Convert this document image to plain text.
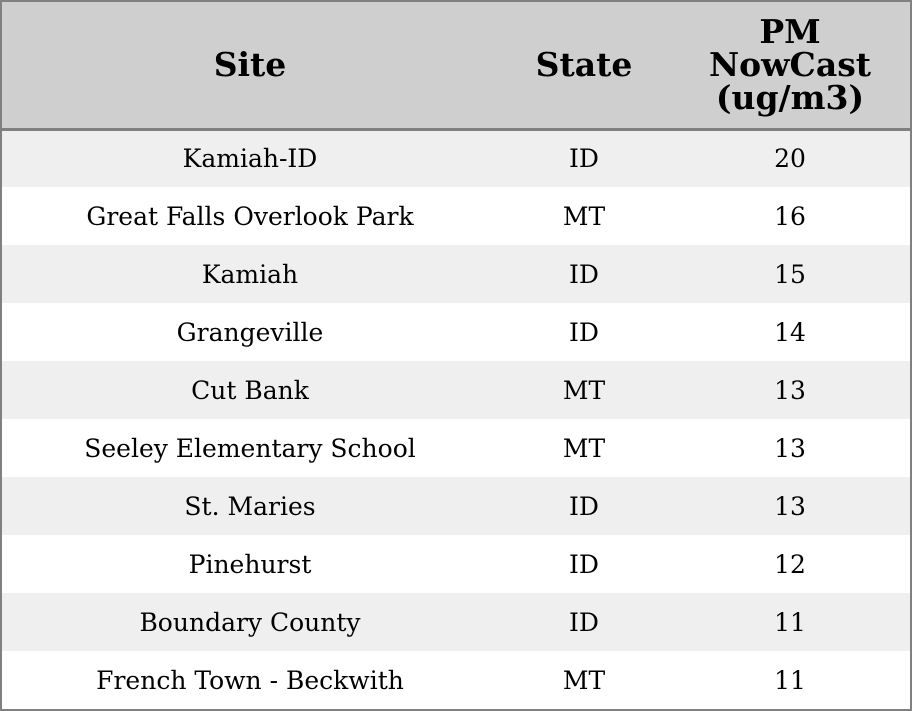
Site	State	PM
NowCast
(ug/m3)
Kamiah-ID	ID	20
Great Falls Overlook Park	MT	16
Kamiah	ID	15
Grangeville	ID	14
Cut Bank	MT	13
Seeley Elementary School	MT	13
St. Maries	ID	13
Pinehurst	ID	12
Boundary County	ID	11
French Town - Beckwith	MT	11
